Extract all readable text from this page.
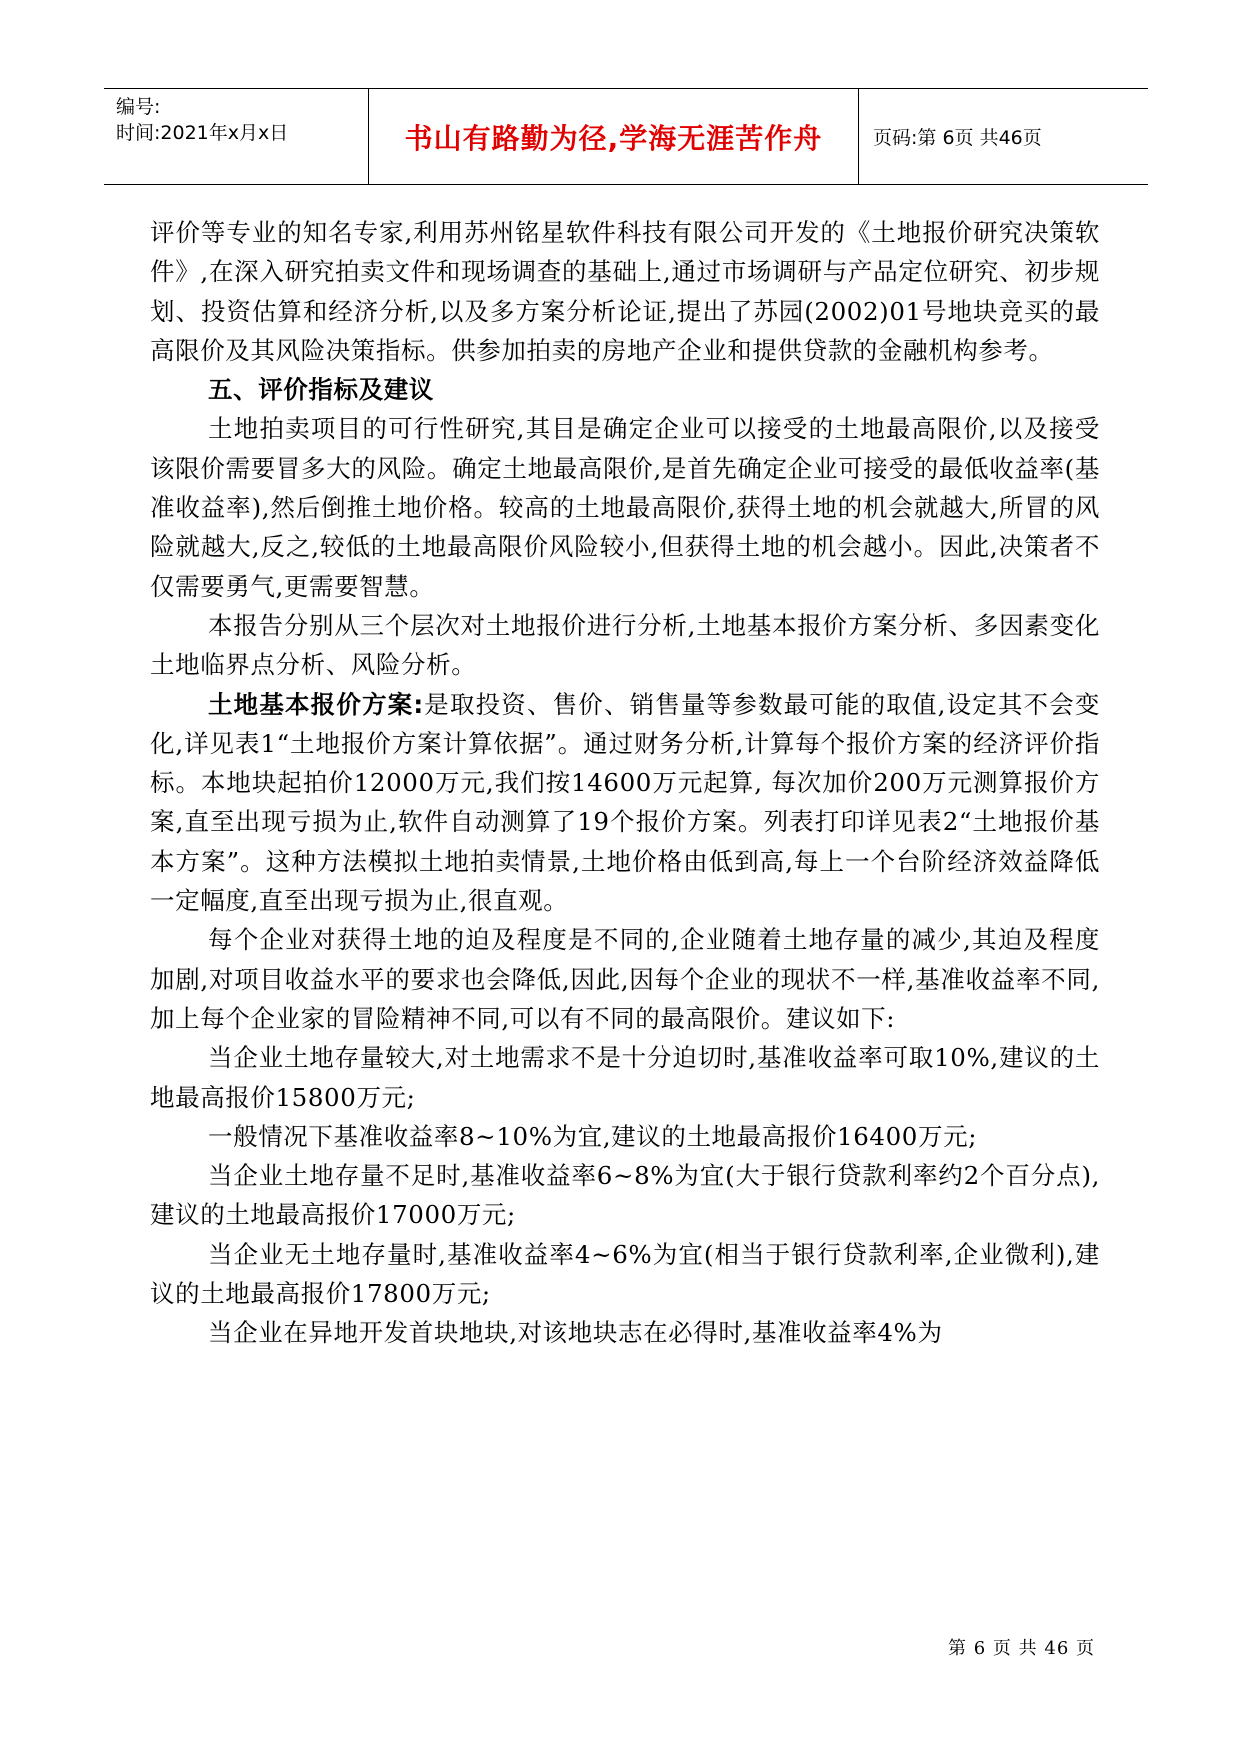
编号:
时间:2021年x月x日	书山有路勤为径,学海无涯苦作舟	页码:第 6页 共46页

评价等专业的知名专家,利用苏州铭星软件科技有限公司开发的《土地报价研究决策软件》,在深入研究拍卖文件和现场调查的基础上,通过市场调研与产品定位研究、初步规划、投资估算和经济分析,以及多方案分析论证,提出了苏园(2002)01号地块竞买的最高限价及其风险决策指标。供参加拍卖的房地产企业和提供贷款的金融机构参考。

五、评价指标及建议

土地拍卖项目的可行性研究,其目是确定企业可以接受的土地最高限价,以及接受该限价需要冒多大的风险。确定土地最高限价,是首先确定企业可接受的最低收益率(基准收益率),然后倒推土地价格。较高的土地最高限价,获得土地的机会就越大,所冒的风险就越大,反之,较低的土地最高限价风险较小,但获得土地的机会越小。因此,决策者不仅需要勇气,更需要智慧。

本报告分别从三个层次对土地报价进行分析,土地基本报价方案分析、多因素变化土地临界点分析、风险分析。

土地基本报价方案:是取投资、售价、销售量等参数最可能的取值,设定其不会变化,详见表1“土地报价方案计算依据”。通过财务分析,计算每个报价方案的经济评价指标。本地块起拍价12000万元,我们按14600万元起算, 每次加价200万元测算报价方案,直至出现亏损为止,软件自动测算了19个报价方案。列表打印详见表2“土地报价基本方案”。这种方法模拟土地拍卖情景,土地价格由低到高,每上一个台阶经济效益降低一定幅度,直至出现亏损为止,很直观。

每个企业对获得土地的迫及程度是不同的,企业随着土地存量的减少,其迫及程度加剧,对项目收益水平的要求也会降低,因此,因每个企业的现状不一样,基准收益率不同,加上每个企业家的冒险精神不同,可以有不同的最高限价。建议如下:

当企业土地存量较大,对土地需求不是十分迫切时,基准收益率可取10%,建议的土地最高报价15800万元;

一般情况下基准收益率8~10%为宜,建议的土地最高报价16400万元;

当企业土地存量不足时,基准收益率6~8%为宜(大于银行贷款利率约2个百分点),建议的土地最高报价17000万元;

当企业无土地存量时,基准收益率4~6%为宜(相当于银行贷款利率,企业微利),建议的土地最高报价17800万元;

当企业在异地开发首块地块,对该地块志在必得时,基准收益率4%为

第 6 页 共 46 页
